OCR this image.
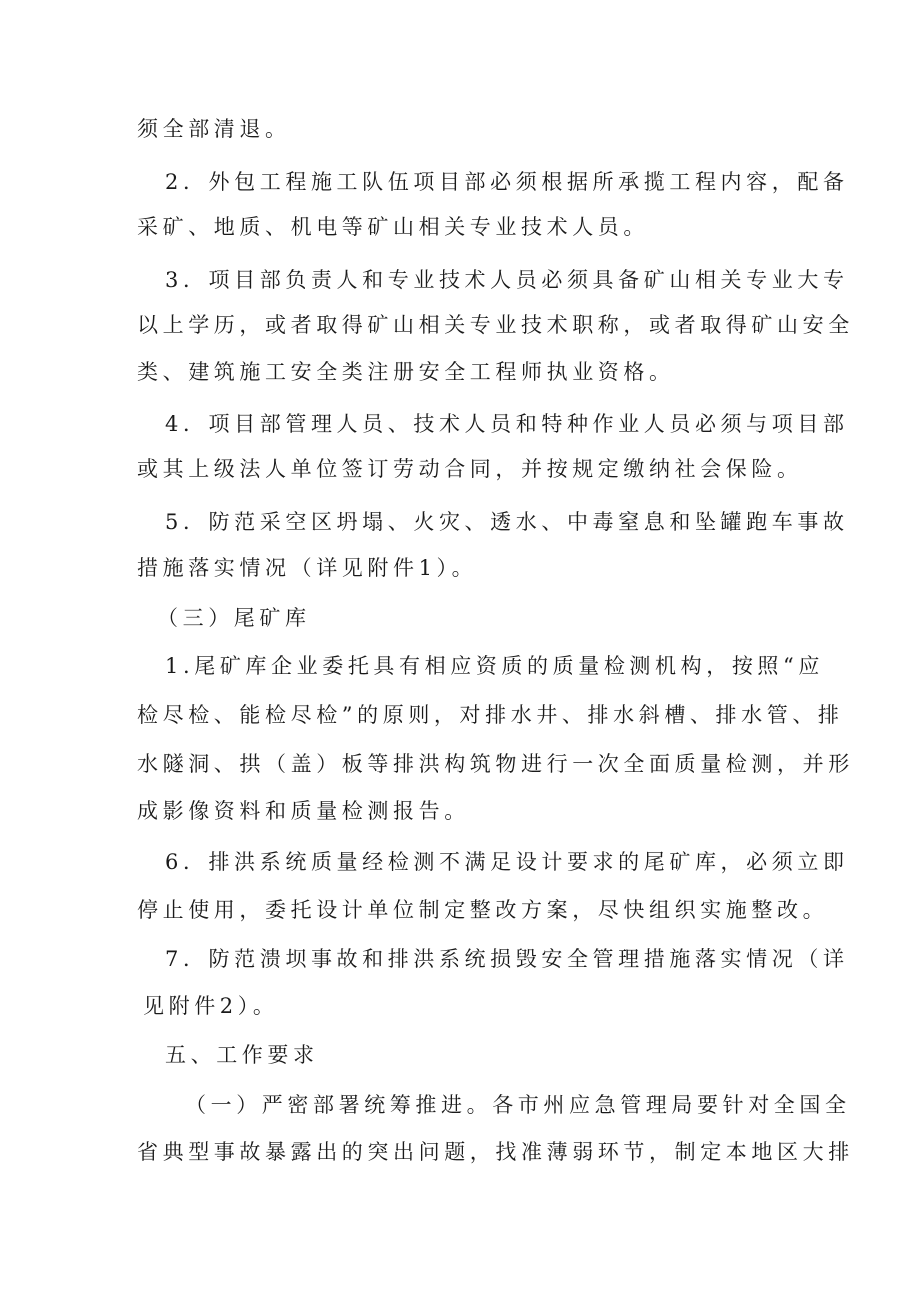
须全部清退。
2．外包工程施工队伍项目部必须根据所承揽工程内容，配备
采矿、地质、机电等矿山相关专业技术人员。
3．项目部负责人和专业技术人员必须具备矿山相关专业大专
以上学历，或者取得矿山相关专业技术职称，或者取得矿山安全
类、建筑施工安全类注册安全工程师执业资格。
4．项目部管理人员、技术人员和特种作业人员必须与项目部
或其上级法人单位签订劳动合同，并按规定缴纳社会保险。
5．防范采空区坍塌、火灾、透水、中毒窒息和坠罐跑车事故
措施落实情况（详见附件1）。
（三）尾矿库
1.尾矿库企业委托具有相应资质的质量检测机构，按照“应
检尽检、能检尽检”的原则，对排水井、排水斜槽、排水管、排
水隧洞、拱（盖）板等排洪构筑物进行一次全面质量检测，并形
成影像资料和质量检测报告。
6．排洪系统质量经检测不满足设计要求的尾矿库，必须立即
停止使用，委托设计单位制定整改方案，尽快组织实施整改。
7．防范溃坝事故和排洪系统损毁安全管理措施落实情况（详
见附件2）。
五、工作要求
（一）严密部署统筹推进。各市州应急管理局要针对全国全
省典型事故暴露出的突出问题，找准薄弱环节，制定本地区大排
